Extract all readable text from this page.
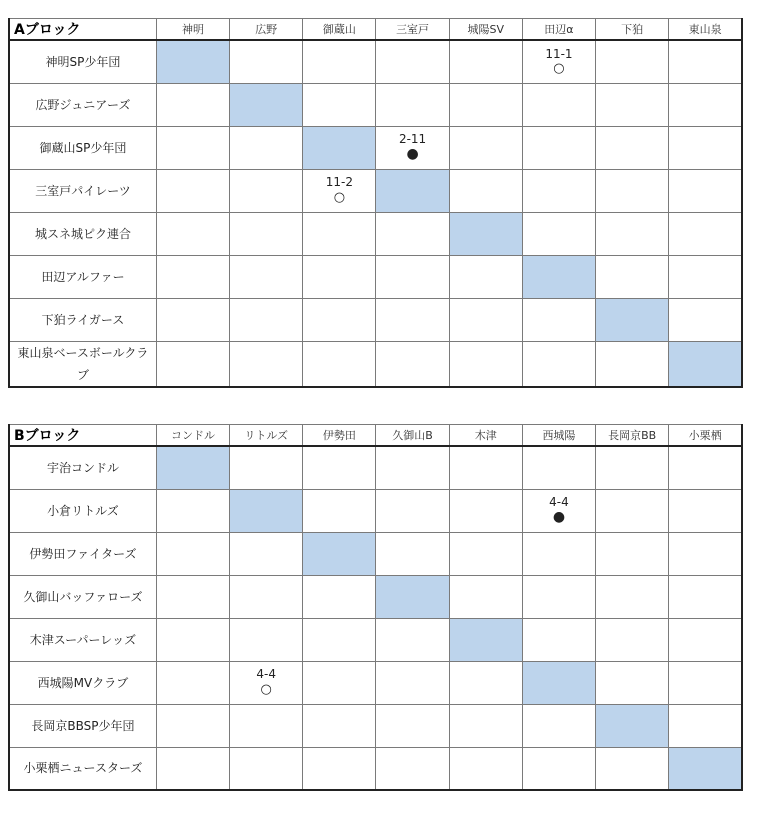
Aブロック	神明	広野	御蔵山	三室戸	城陽SV	田辺α	下狛	東山泉
神明SP少年団						11-1
○		

広野ジュニアーズ								
御蔵山SP少年団				2-11
●				

三室戸パイレーツ			11-2
○					

城スネ城ピク連合								
田辺アルファー								
下狛ライガース								
東山泉ベースボールクラブ								
Bブロック	コンドル	リトルズ	伊勢田	久御山B	木津	西城陽	長岡京BB	小栗栖
宇治コンドル								
小倉リトルズ						4-4
●		

伊勢田ファイターズ								
久御山バッファローズ								
木津スーパーレッズ								
西城陽MVクラブ		4-4
○						

長岡京BBSP少年団								
小栗栖ニュースターズ								
